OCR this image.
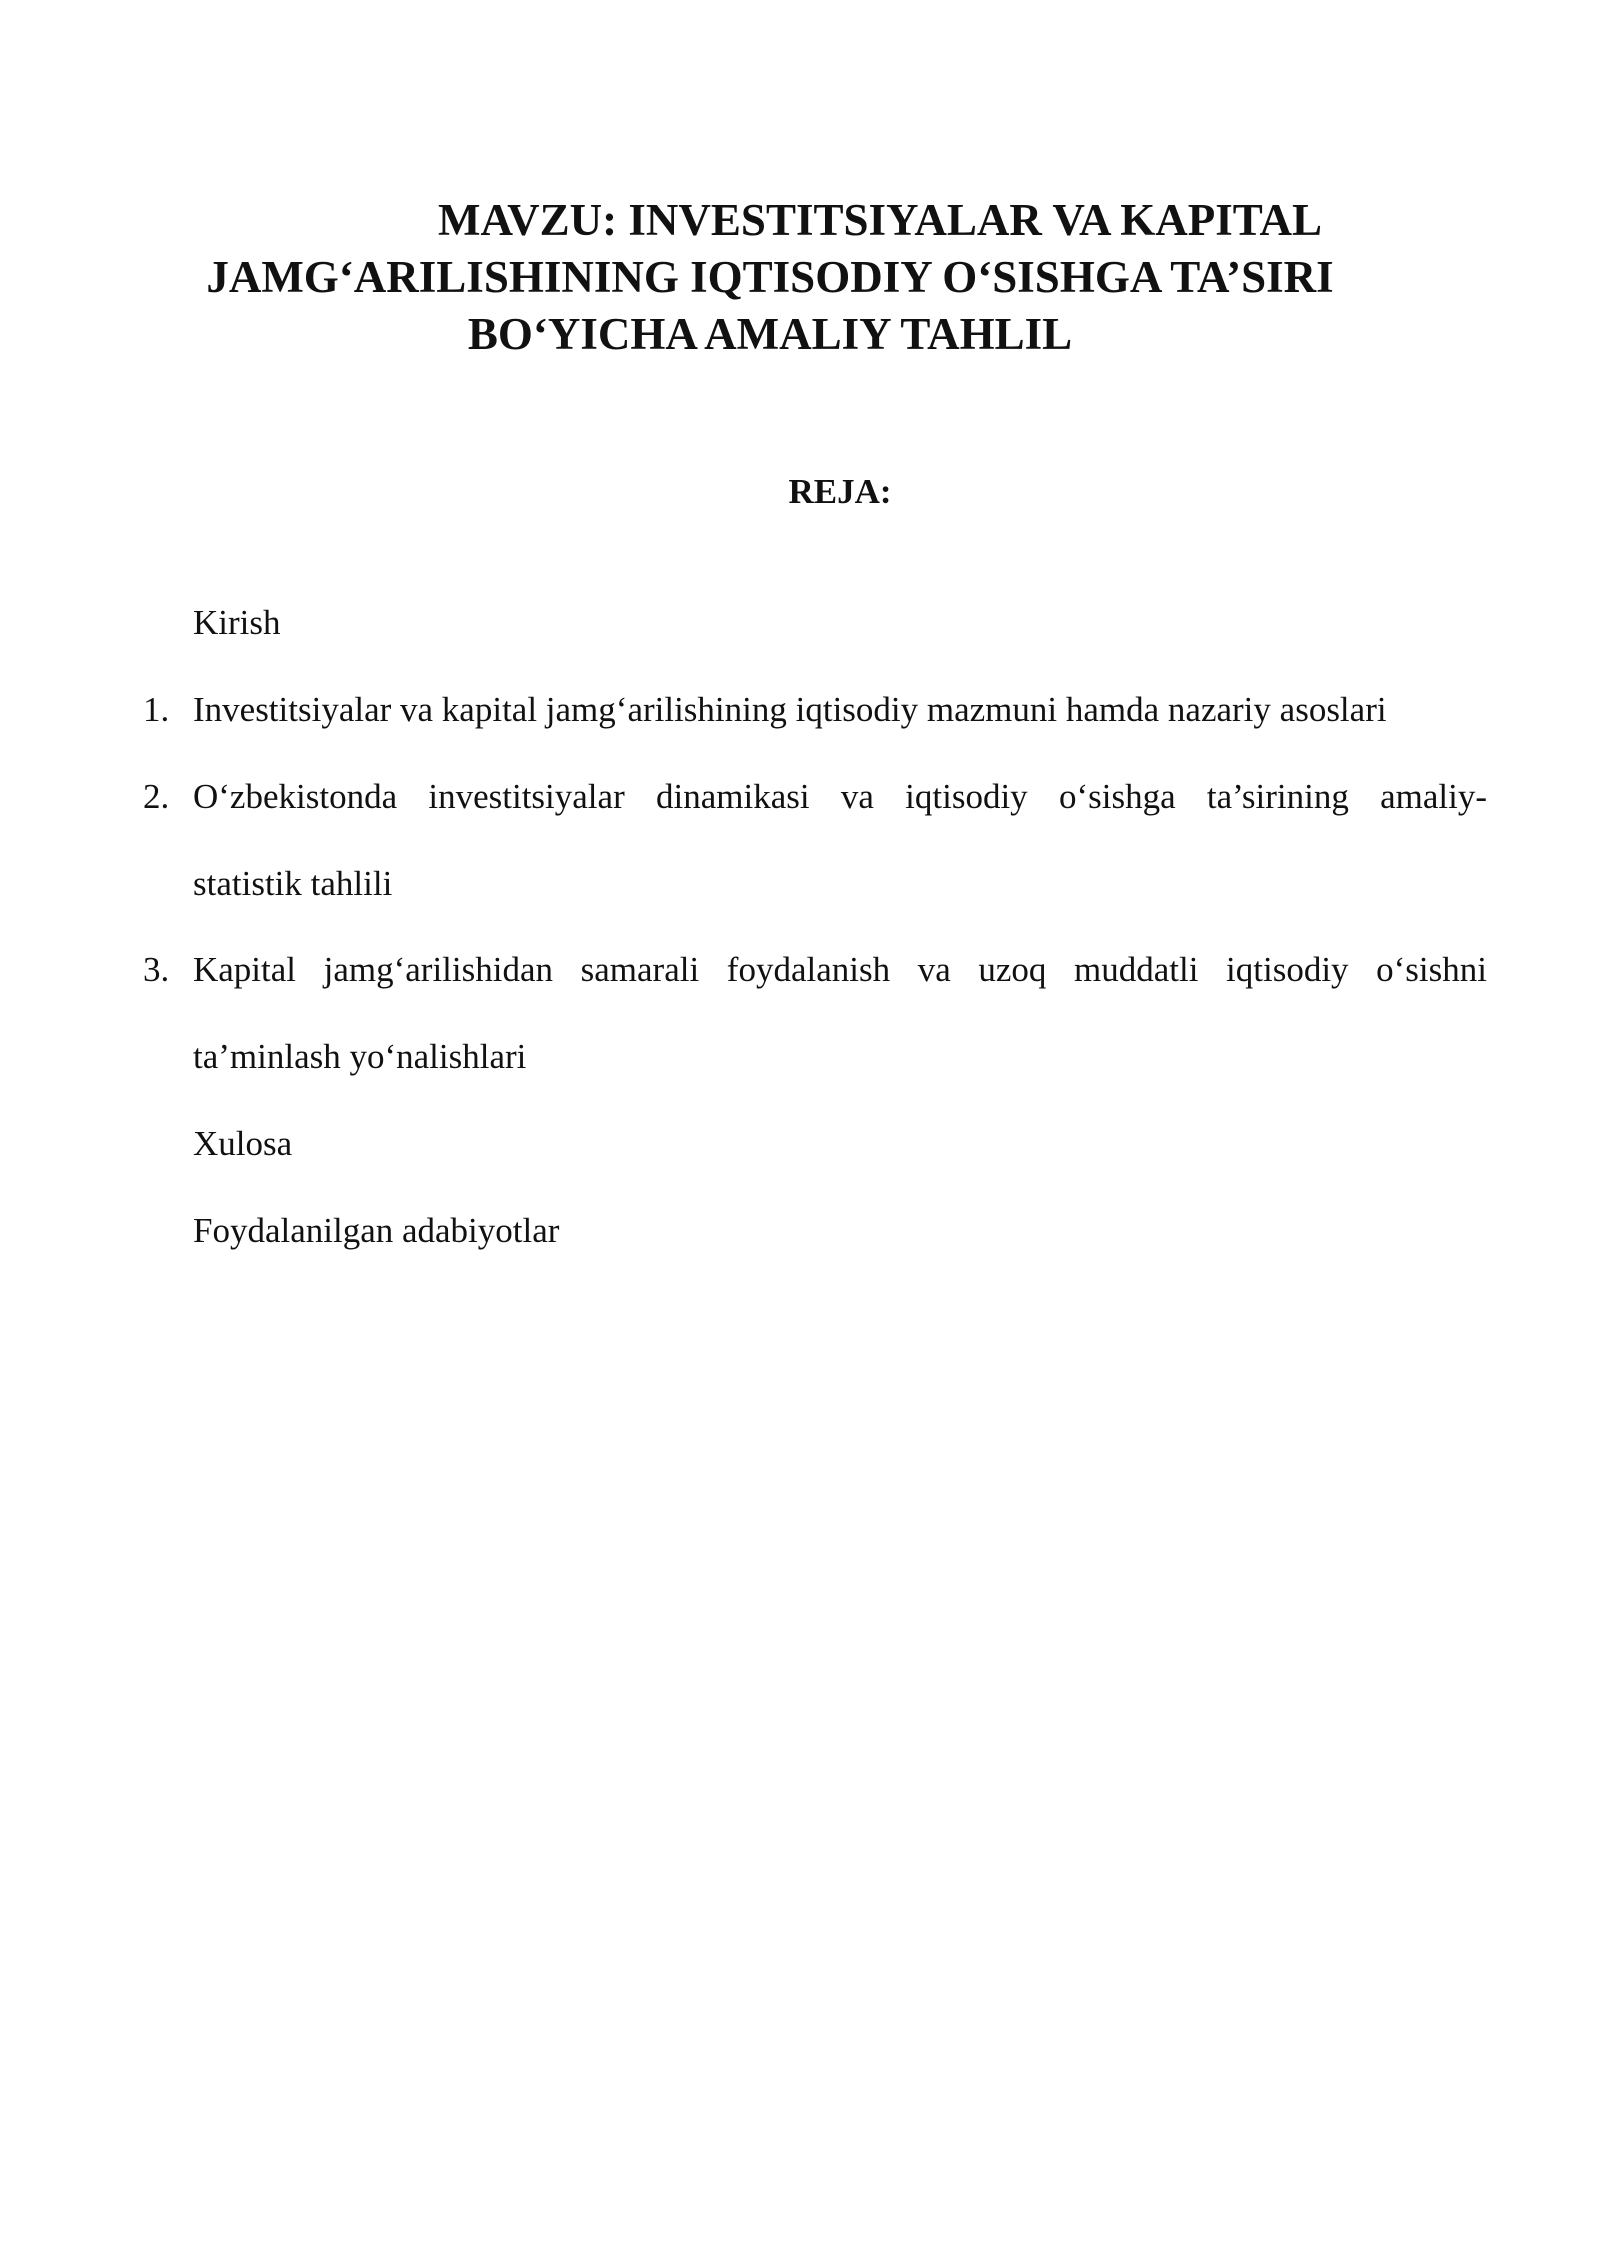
MAVZU: INVESTITSIYALAR VA KAPITAL
JAMG‘ARILISHINING IQTISODIY O‘SISHGA TA’SIRI
BO‘YICHA AMALIY TAHLIL
REJA:
Kirish
1. Investitsiyalar va kapital jamg‘arilishining iqtisodiy mazmuni hamda nazariy asoslari
2. O‘zbekistonda investitsiyalar dinamikasi va iqtisodiy o‘sishga ta’sirining amaliy-
statistik tahlili
3. Kapital jamg‘arilishidan samarali foydalanish va uzoq muddatli iqtisodiy o‘sishni
ta’minlash yo‘nalishlari
Xulosa
Foydalanilgan adabiyotlar
